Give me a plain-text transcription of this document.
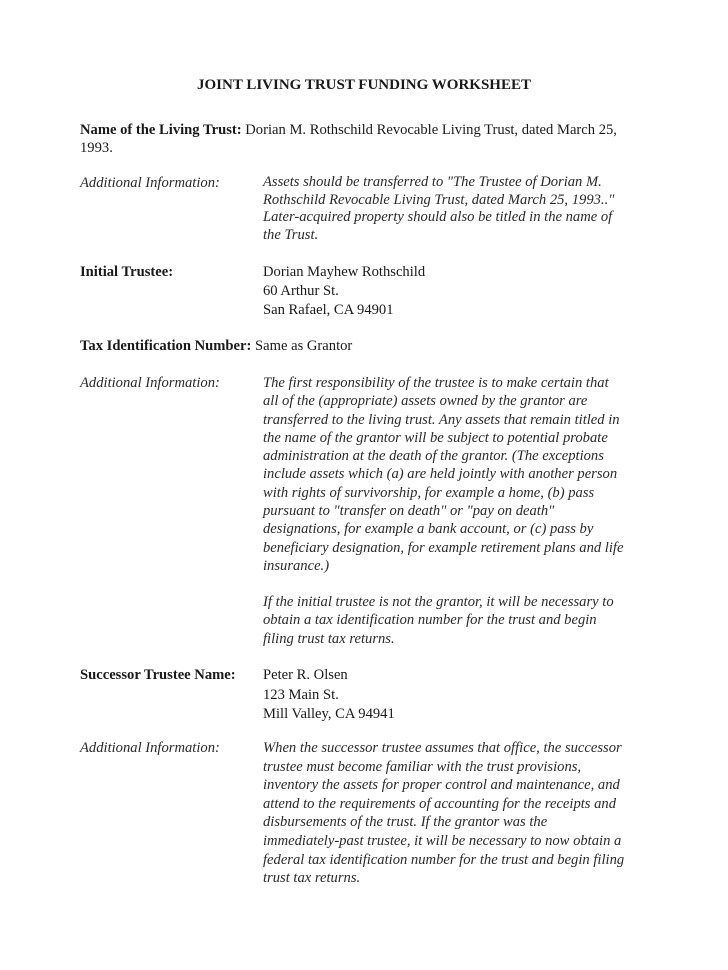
JOINT LIVING TRUST FUNDING WORKSHEET
Name of the Living Trust: Dorian M. Rothschild Revocable Living Trust, dated March 25,
1993.
Additional Information:	Assets should be transferred to "The Trustee of Dorian M.
Rothschild Revocable Living Trust, dated March 25, 1993.."
Later-acquired property should also be titled in the name of
the Trust.
Initial Trustee:	Dorian Mayhew Rothschild
60 Arthur St.
San Rafael, CA 94901
Tax Identification Number: Same as Grantor
Additional Information:	The first responsibility of the trustee is to make certain that
all of the (appropriate) assets owned by the grantor are
transferred to the living trust. Any assets that remain titled in
the name of the grantor will be subject to potential probate
administration at the death of the grantor. (The exceptions
include assets which (a) are held jointly with another person
with rights of survivorship, for example a home, (b) pass
pursuant to "transfer on death" or "pay on death"
designations, for example a bank account, or (c) pass by
beneficiary designation, for example retirement plans and life
insurance.)
If the initial trustee is not the grantor, it will be necessary to
obtain a tax identification number for the trust and begin
filing trust tax returns.
Successor Trustee Name: Peter R. Olsen
123 Main St.
Mill Valley, CA 94941
Additional Information:	When the successor trustee assumes that office, the successor
trustee must become familiar with the trust provisions,
inventory the assets for proper control and maintenance, and
attend to the requirements of accounting for the receipts and
disbursements of the trust. If the grantor was the
immediately-past trustee, it will be necessary to now obtain a
federal tax identification number for the trust and begin filing
trust tax returns.
